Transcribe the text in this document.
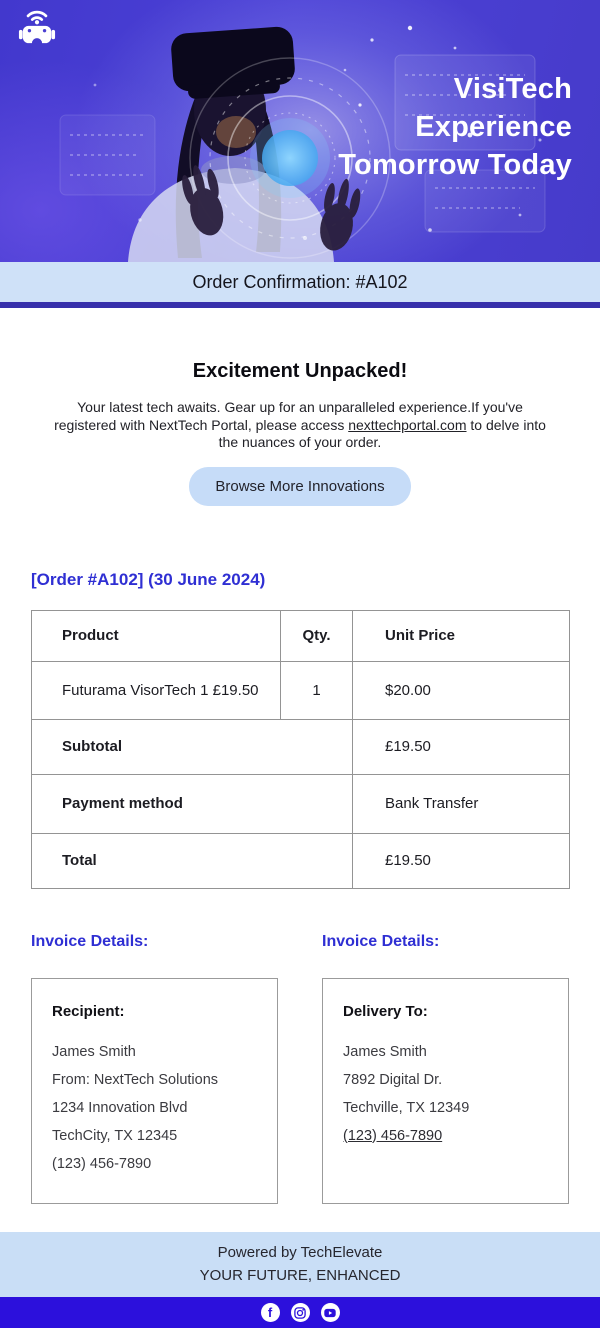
VisiTech
Experience
Tomorrow Today
Order Confirmation: #A102
Excitement Unpacked!

Your latest tech awaits. Gear up for an unparalleled experience.If you've registered with NextTech Portal, please access nexttechportal.com to delve into the nuances of your order.

Browse More Innovations
[Order #A102] (30 June 2024)
Product	Qty.	Unit Price
Futurama VisorTech 1 £19.50	1	$20.00
Subtotal		£19.50
Payment method		Bank Transfer
Total		£19.50
Invoice Details:
Recipient:
James Smith
From: NextTech Solutions
1234 Innovation Blvd
TechCity, TX 12345
(123) 456-7890
Invoice Details:
Delivery To:
James Smith
7892 Digital Dr.
Techville, TX 12349
(123) 456-7890
Powered by TechElevate
YOUR FUTURE, ENHANCED
f
